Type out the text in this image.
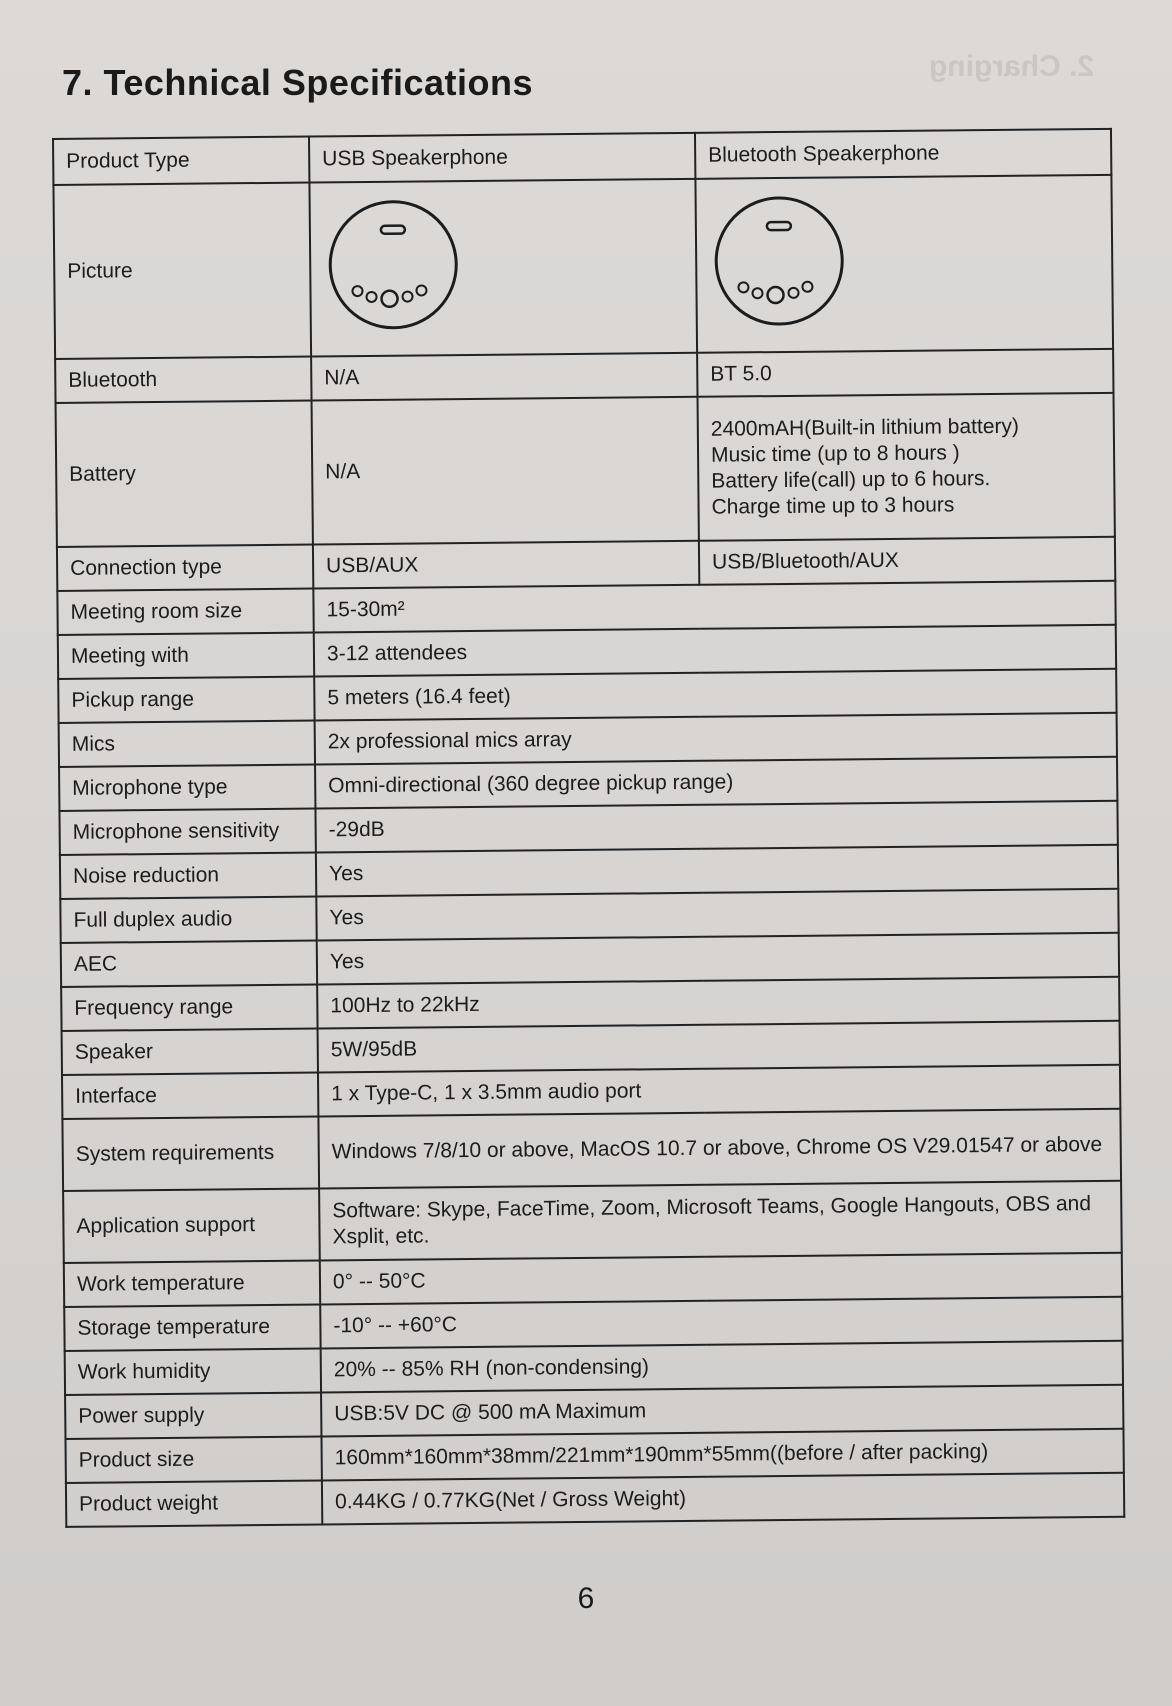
7. Technical Specifications	2. Charging
Product Type	USB Speakerphone	Bluetooth Speakerphone
Picture		
Bluetooth	N/A	BT 5.0
Battery	N/A	2400mAH(Built-in lithium battery)
Music time (up to 8 hours )
Battery life(call) up to 6 hours.
Charge time up to 3 hours

Connection type	USB/AUX	USB/Bluetooth/AUX
Meeting room size	15-30m²	
Meeting with	3-12 attendees	
Pickup range	5 meters (16.4 feet)	
Mics	2x professional mics array	
Microphone type	Omni-directional (360 degree pickup range)	
Microphone sensitivity	-29dB	
Noise reduction	Yes	
Full duplex audio	Yes	
AEC	Yes	
Frequency range	100Hz to 22kHz	
Speaker	5W/95dB	
Interface	1 x Type-C, 1 x 3.5mm audio port	
System requirements	Windows 7/8/10 or above, MacOS 10.7 or above, Chrome OS V29.01547 or above	
Application support	Software: Skype, FaceTime, Zoom, Microsoft Teams, Google Hangouts, OBS and Xsplit, etc.	
Work temperature	0° -- 50°C	
Storage temperature	-10° -- +60°C	
Work humidity	20% -- 85% RH (non-condensing)	
Power supply	USB:5V DC @ 500 mA Maximum	
Product size	160mm*160mm*38mm/221mm*190mm*55mm((before / after packing)	
Product weight	0.44KG / 0.77KG(Net / Gross Weight)	
6
